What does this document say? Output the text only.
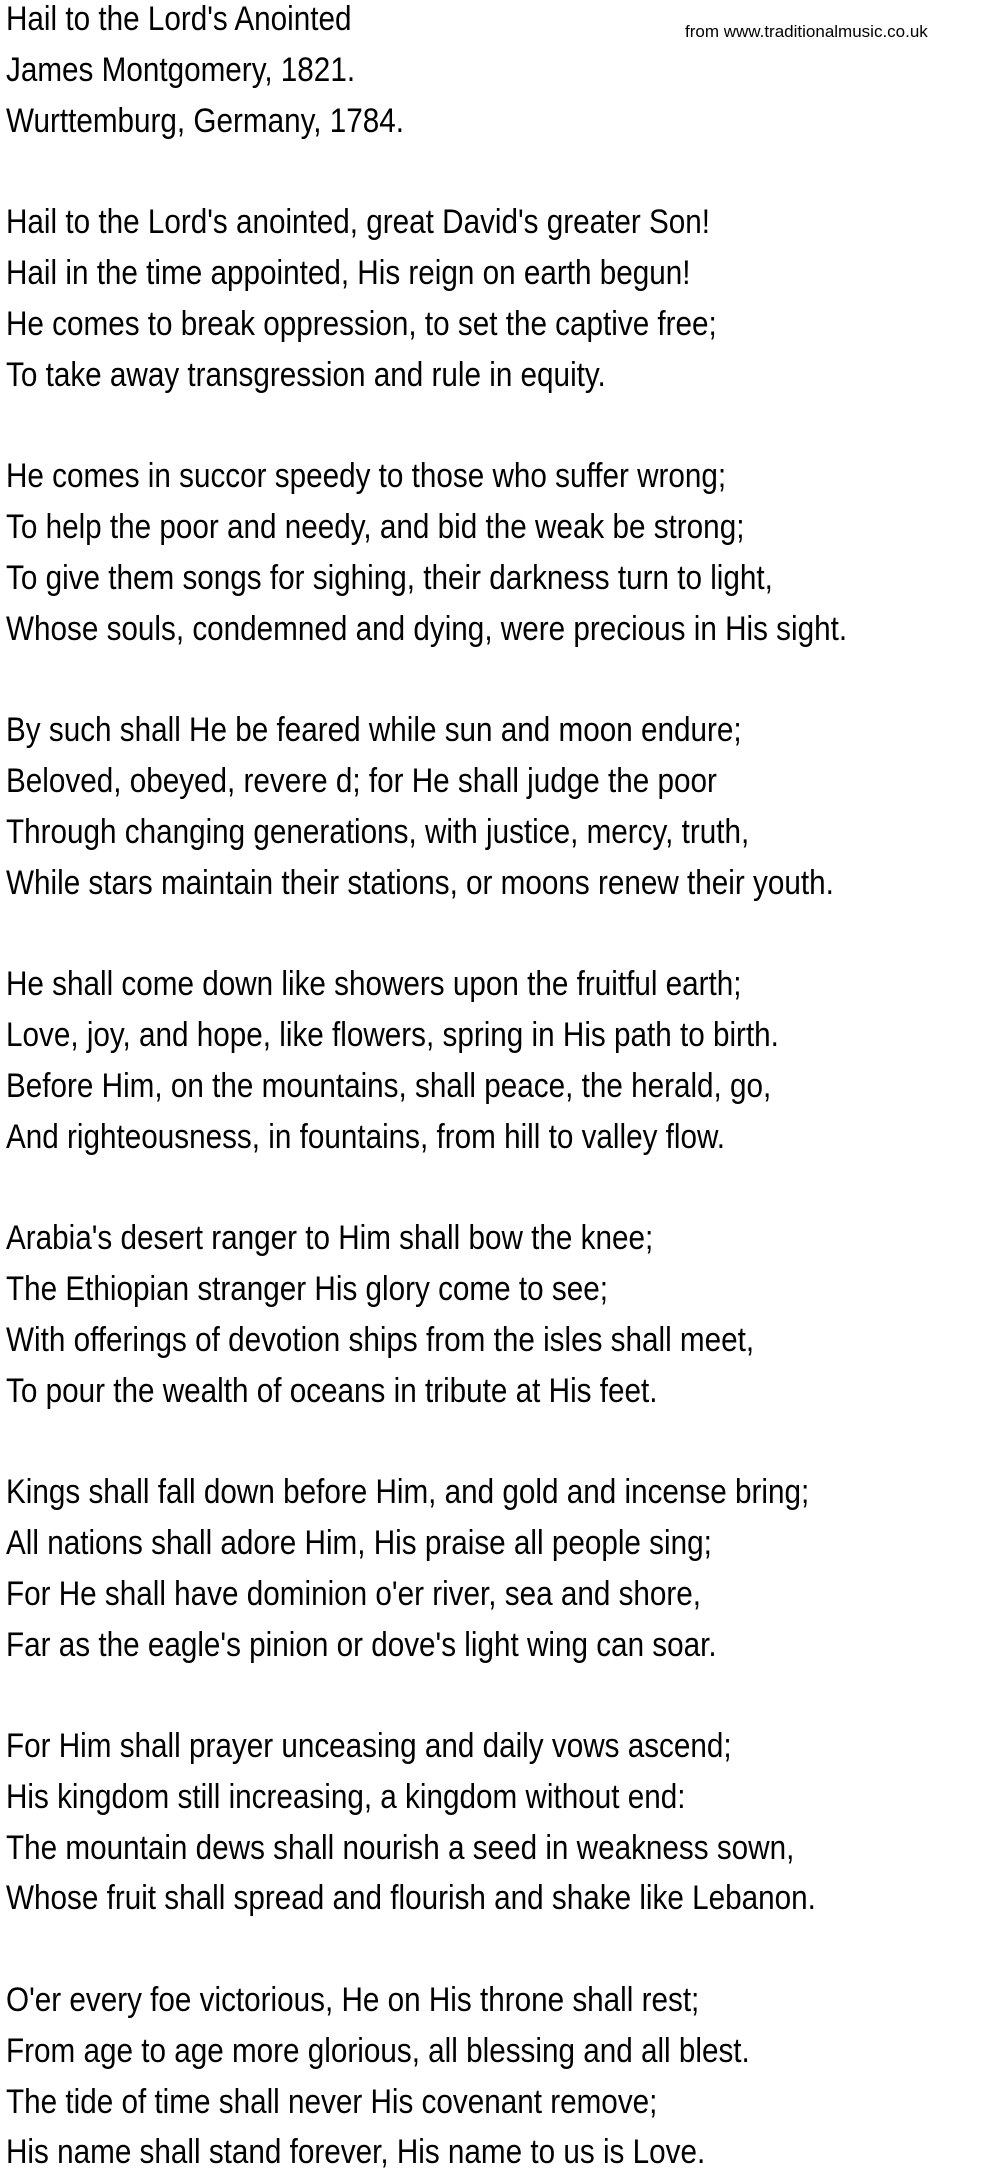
from www.traditionalmusic.co.uk
Hail to the Lord's Anointed
James Montgomery, 1821.
Wurttemburg, Germany, 1784.
Hail to the Lord's anointed, great David's greater Son!
Hail in the time appointed, His reign on earth begun!
He comes to break oppression, to set the captive free;
To take away transgression and rule in equity.
He comes in succor speedy to those who suffer wrong;
To help the poor and needy, and bid the weak be strong;
To give them songs for sighing, their darkness turn to light,
Whose souls, condemned and dying, were precious in His sight.
By such shall He be feared while sun and moon endure;
Beloved, obeyed, revere d; for He shall judge the poor
Through changing generations, with justice, mercy, truth,
While stars maintain their stations, or moons renew their youth.
He shall come down like showers upon the fruitful earth;
Love, joy, and hope, like flowers, spring in His path to birth.
Before Him, on the mountains, shall peace, the herald, go,
And righteousness, in fountains, from hill to valley flow.
Arabia's desert ranger to Him shall bow the knee;
The Ethiopian stranger His glory come to see;
With offerings of devotion ships from the isles shall meet,
To pour the wealth of oceans in tribute at His feet.
Kings shall fall down before Him, and gold and incense bring;
All nations shall adore Him, His praise all people sing;
For He shall have dominion o'er river, sea and shore,
Far as the eagle's pinion or dove's light wing can soar.
For Him shall prayer unceasing and daily vows ascend;
His kingdom still increasing, a kingdom without end:
The mountain dews shall nourish a seed in weakness sown,
Whose fruit shall spread and flourish and shake like Lebanon.
O'er every foe victorious, He on His throne shall rest;
From age to age more glorious, all blessing and all blest.
The tide of time shall never His covenant remove;
His name shall stand forever, His name to us is Love.
